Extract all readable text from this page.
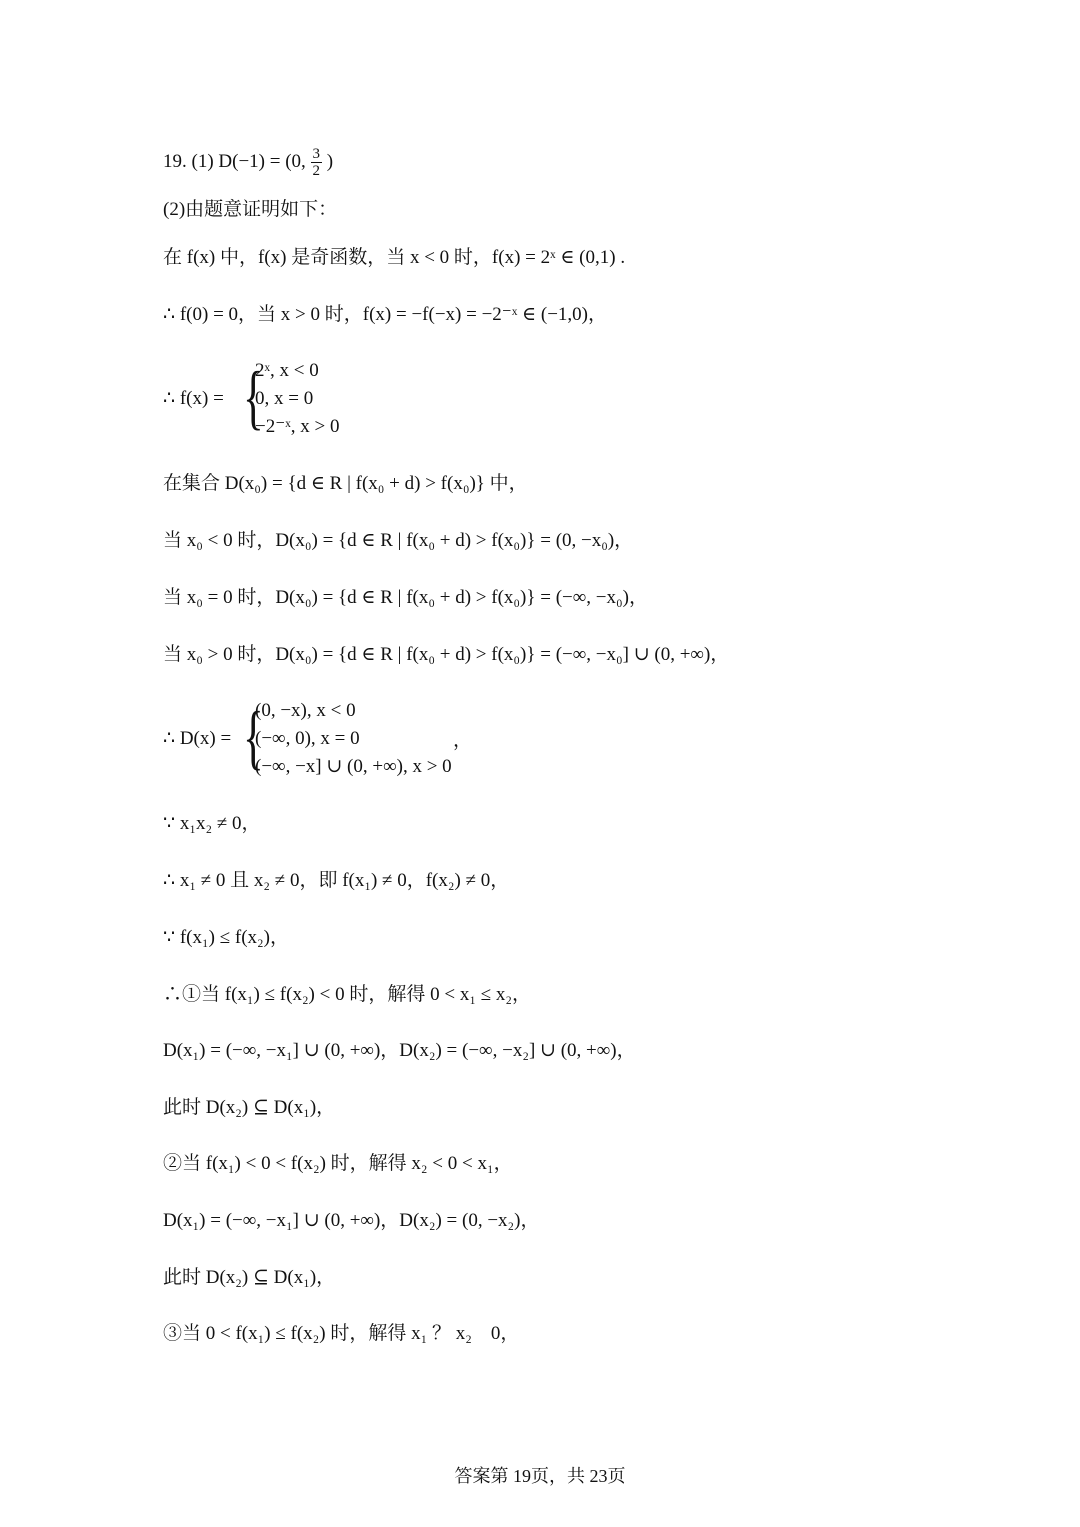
19. (1) D(−1) = (0, $\frac{3}{2}$ )
(2)由题意证明如下：
在 f(x) 中，f(x) 是奇函数，当 x < 0 时，f(x) = 2ˣ ∈ (0,1) .
∴ f(0) = 0，当 x > 0 时，f(x) = −f(−x) = −2⁻ˣ ∈ (−1,0)，
∴ f(x) = {
2ˣ, x < 0
0, x = 0
−2⁻ˣ, x > 0
在集合 D(x₀) = {d ∈ R | f(x₀ + d) > f(x₀)} 中，
当 x₀ < 0 时，D(x₀) = {d ∈ R | f(x₀ + d) > f(x₀)} = (0, −x₀)，
当 x₀ = 0 时，D(x₀) = {d ∈ R | f(x₀ + d) > f(x₀)} = (−∞, −x₀)，
当 x₀ > 0 时，D(x₀) = {d ∈ R | f(x₀ + d) > f(x₀)} = (−∞, −x₀] ∪ (0, +∞)，
∴ D(x) = {
(0, −x), x < 0
(−∞, 0), x = 0
(−∞, −x] ∪ (0, +∞), x > 0
，
∵ x₁x₂ ≠ 0，
∴ x₁ ≠ 0 且 x₂ ≠ 0，即 f(x₁) ≠ 0，f(x₂) ≠ 0，
∵ f(x₁) ≤ f(x₂)，
∴①当 f(x₁) ≤ f(x₂) < 0 时，解得 0 < x₁ ≤ x₂，
D(x₁) = (−∞, −x₁] ∪ (0, +∞)，D(x₂) = (−∞, −x₂] ∪ (0, +∞)，
此时 D(x₂) ⊆ D(x₁)，
②当 f(x₁) < 0 < f(x₂) 时，解得 x₂ < 0 < x₁，
D(x₁) = (−∞, −x₁] ∪ (0, +∞)，D(x₂) = (0, −x₂)，
此时 D(x₂) ⊆ D(x₁)，
③当 0 < f(x₁) ≤ f(x₂) 时，解得 x₁ ？ x₂　0，
答案第 19页，共 23页
